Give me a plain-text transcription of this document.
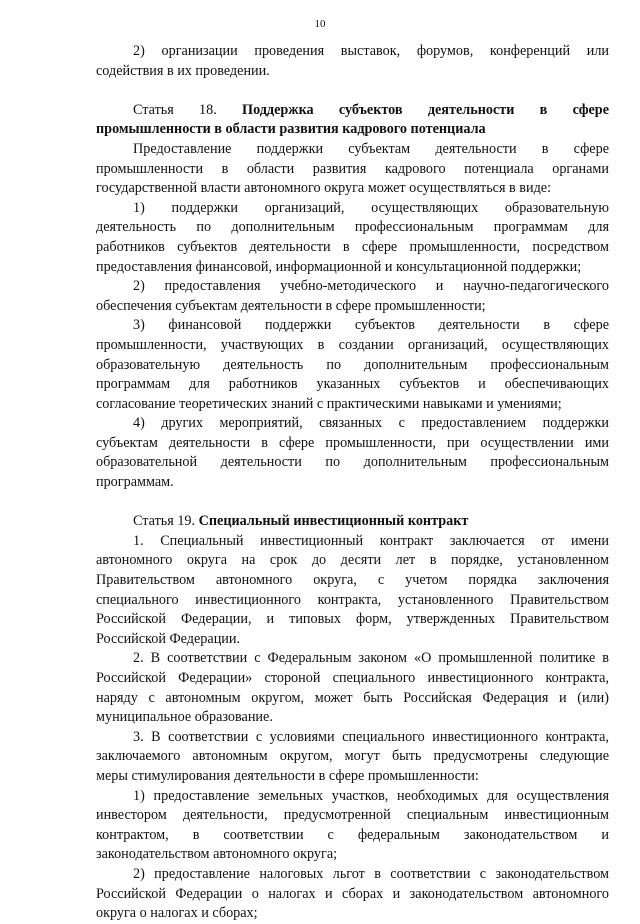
10
2) организации проведения выставок, форумов, конференций или
содействия в их проведении.
Статья 18. Поддержка субъектов деятельности в сфере
промышленности в области развития кадрового потенциала
Предоставление поддержки субъектам деятельности в сфере
промышленности в области развития кадрового потенциала органами
государственной власти автономного округа может осуществляться в виде:
1) поддержки организаций, осуществляющих образовательную
деятельность по дополнительным профессиональным программам для
работников субъектов деятельности в сфере промышленности, посредством
предоставления финансовой, информационной и консультационной поддержки;
2) предоставления учебно-методического и научно-педагогического
обеспечения субъектам деятельности в сфере промышленности;
3) финансовой поддержки субъектов деятельности в сфере
промышленности, участвующих в создании организаций, осуществляющих
образовательную деятельность по дополнительным профессиональным
программам для работников указанных субъектов и обеспечивающих
согласование теоретических знаний с практическими навыками и умениями;
4) других мероприятий, связанных с предоставлением поддержки
субъектам деятельности в сфере промышленности, при осуществлении ими
образовательной деятельности по дополнительным профессиональным
программам.
Статья 19. Специальный инвестиционный контракт
1. Специальный инвестиционный контракт заключается от имени
автономного округа на срок до десяти лет в порядке, установленном
Правительством автономного округа, с учетом порядка заключения
специального инвестиционного контракта, установленного Правительством
Российской Федерации, и типовых форм, утвержденных Правительством
Российской Федерации.
2. В соответствии с Федеральным законом «О промышленной политике в
Российской Федерации» стороной специального инвестиционного контракта,
наряду с автономным округом, может быть Российская Федерация и (или)
муниципальное образование.
3. В соответствии с условиями специального инвестиционного контракта,
заключаемого автономным округом, могут быть предусмотрены следующие
меры стимулирования деятельности в сфере промышленности:
1) предоставление земельных участков, необходимых для осуществления
инвестором деятельности, предусмотренной специальным инвестиционным
контрактом, в соответствии с федеральным законодательством и
законодательством автономного округа;
2) предоставление налоговых льгот в соответствии с законодательством
Российской Федерации о налогах и сборах и законодательством автономного
округа о налогах и сборах;
